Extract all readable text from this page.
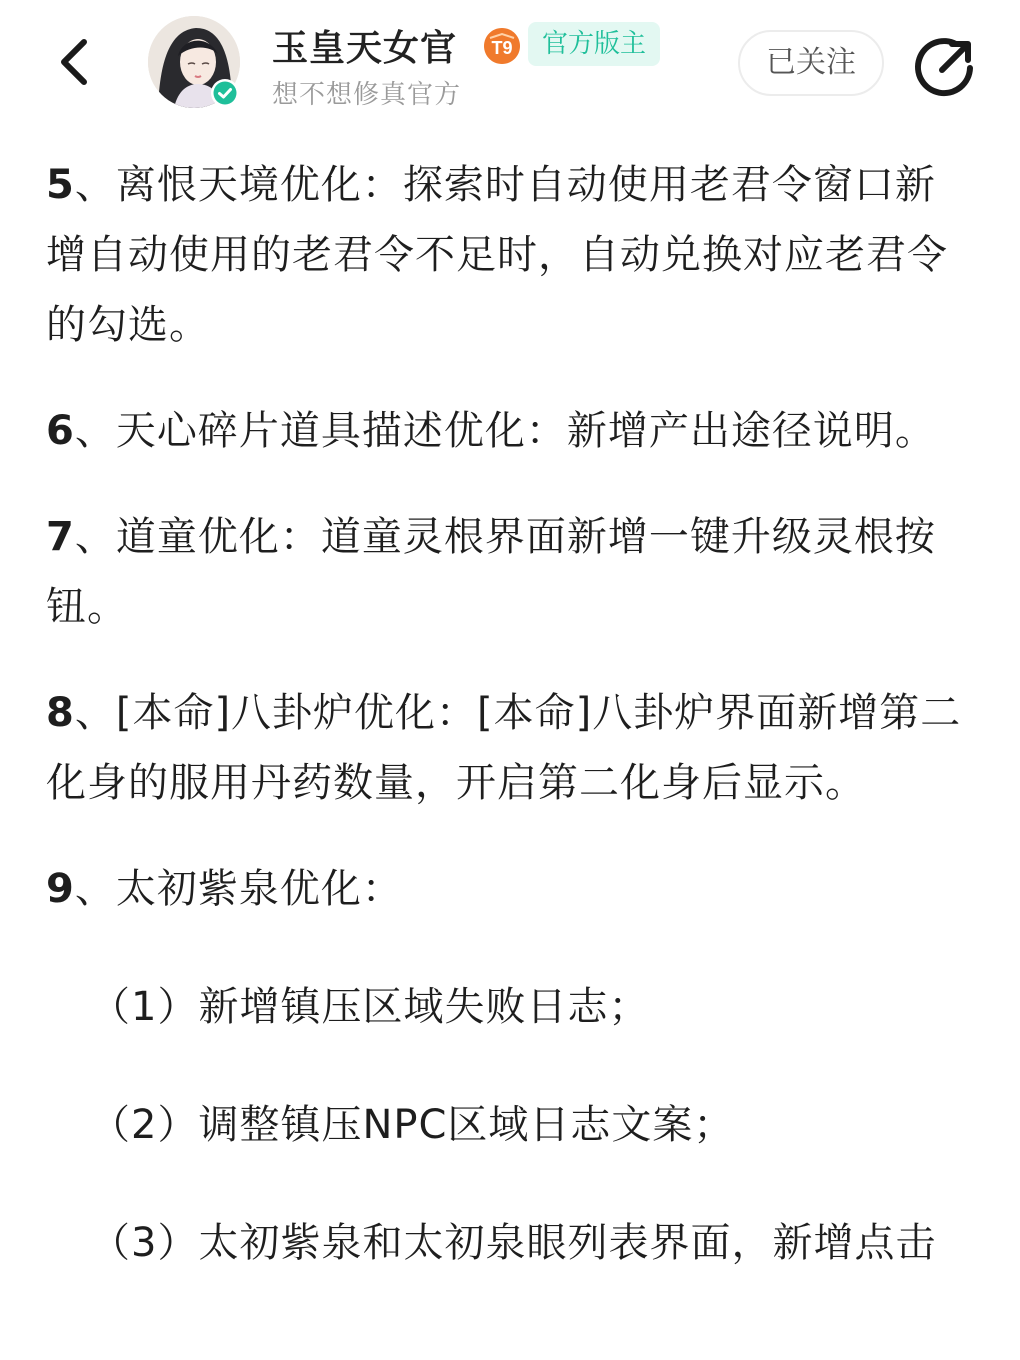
玉皇天女官 T9	官方版主
想不想修真官方
已关注

5、离恨天境优化：探索时自动使用老君令窗口新增自动使用的老君令不足时，自动兑换对应老君令的勾选。

6、天心碎片道具描述优化：新增产出途径说明。

7、道童优化：道童灵根界面新增一键升级灵根按钮。

8、[本命]八卦炉优化：[本命]八卦炉界面新增第二化身的服用丹药数量，开启第二化身后显示。

9、太初紫泉优化：

（1）新增镇压区域失败日志；

（2）调整镇压NPC区域日志文案；

（3）太初紫泉和太初泉眼列表界面，新增点击
